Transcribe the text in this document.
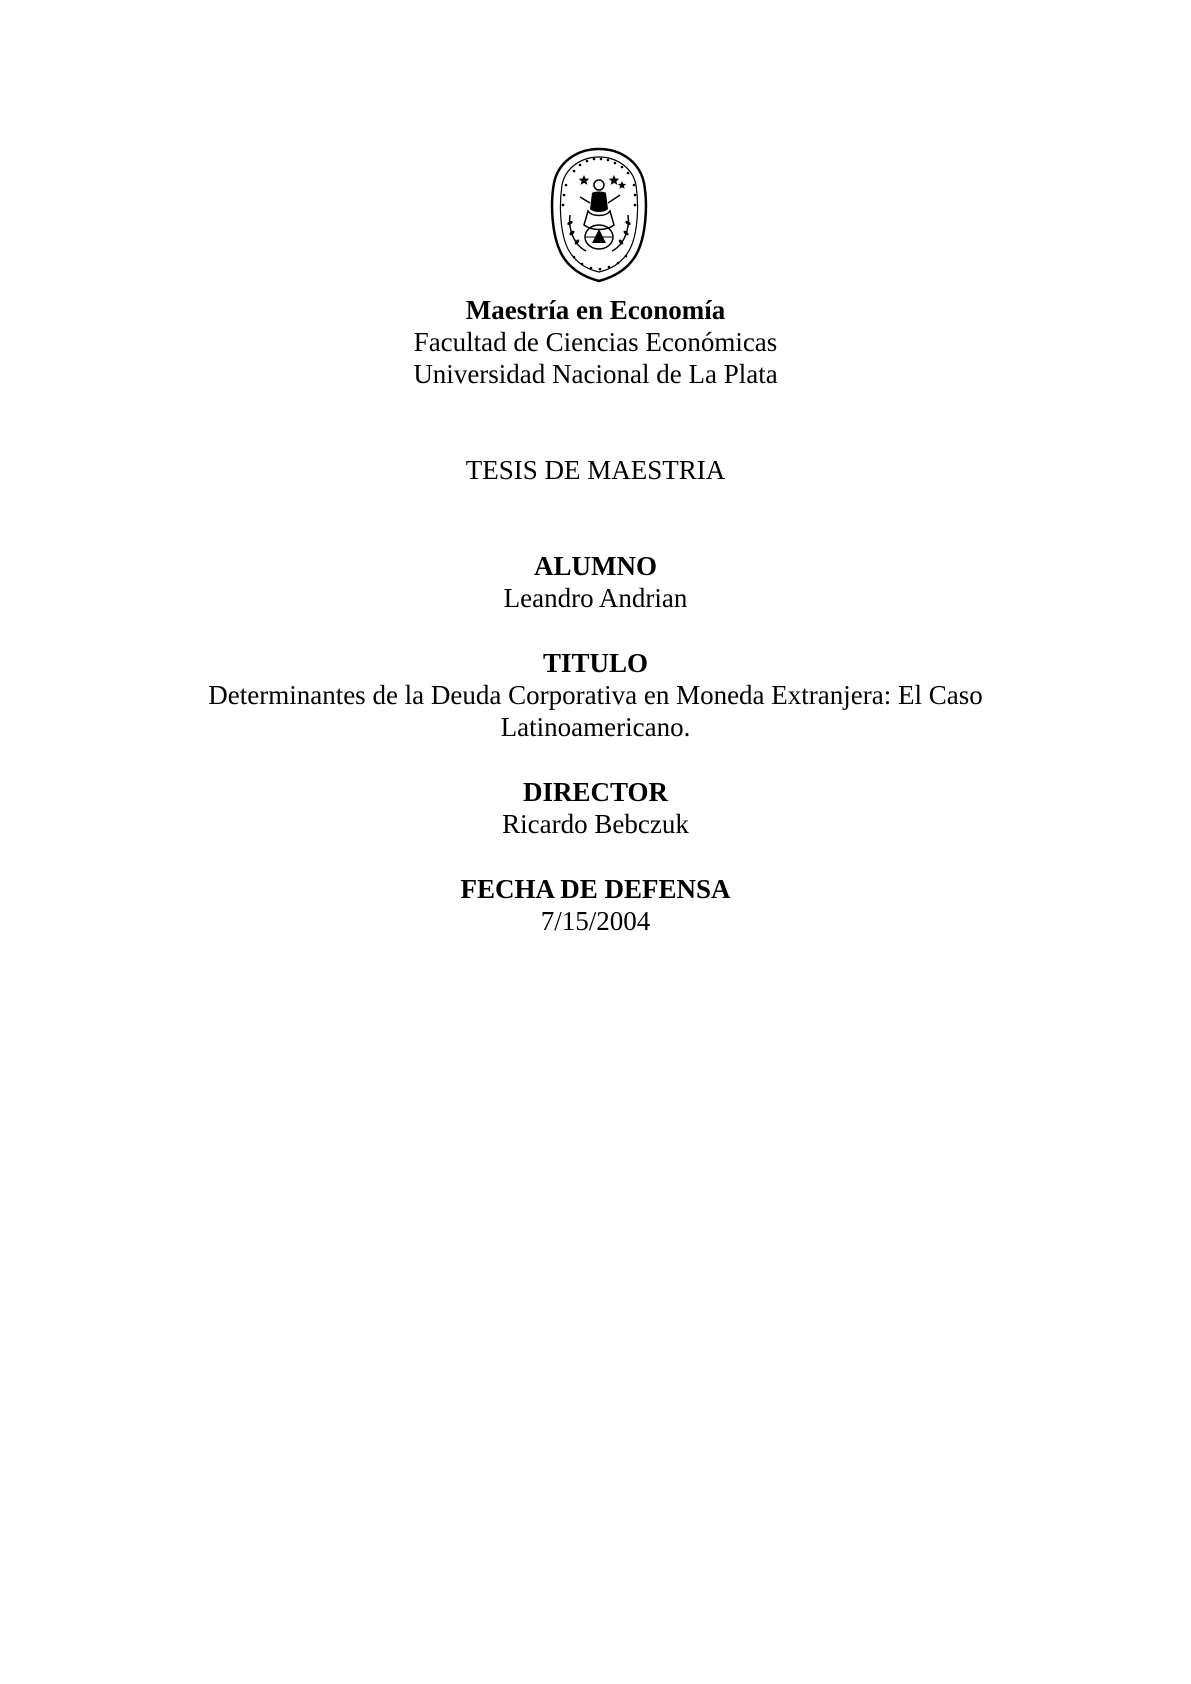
Maestría en Economía
Facultad de Ciencias Económicas
Universidad Nacional de La Plata
TESIS DE MAESTRIA
ALUMNO
Leandro Andrian
TITULO
Determinantes de la Deuda Corporativa en Moneda Extranjera: El Caso Latinoamericano.
DIRECTOR
Ricardo Bebczuk
FECHA DE DEFENSA
7/15/2004
